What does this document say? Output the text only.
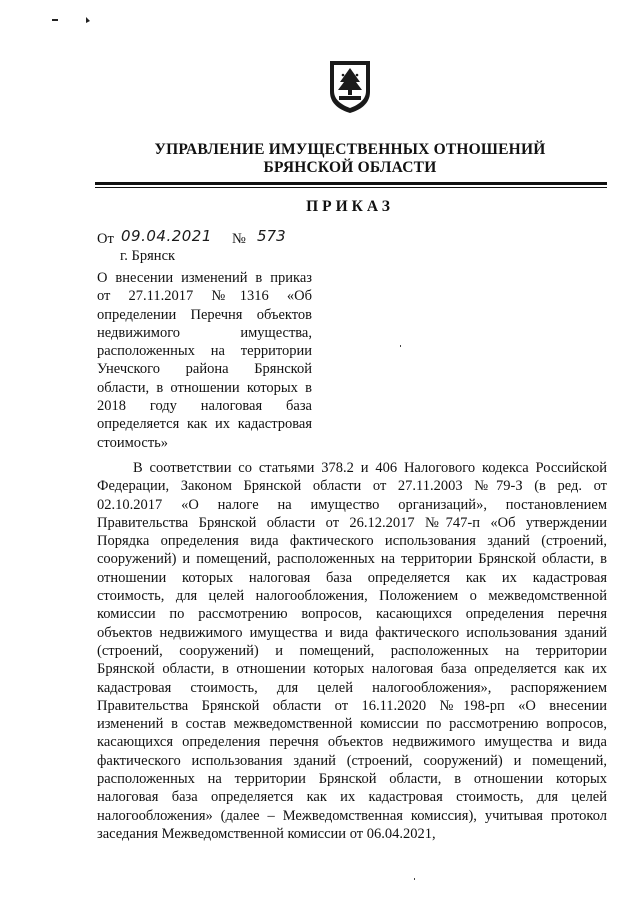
УПРАВЛЕНИЕ ИМУЩЕСТВЕННЫХ ОТНОШЕНИЙ
БРЯНСКОЙ ОБЛАСТИ
ПРИКАЗ
От 09.04.2021 № 573
г. Брянск
О внесении изменений в приказ
от 27.11.2017 №1316 «Об
определении Перечня объектов
недвижимого имущества,
расположенных на территории
Унечского района Брянской
области, в отношении которых в
2018 году налоговая база
определяется как их кадастровая
стоимость»
В соответствии со статьями 378.2 и 406 Налогового кодекса Российской
Федерации, Законом Брянской области от 27.11.2003 №79-З (в ред. от
02.10.2017 «О налоге на имущество организаций», постановлением
Правительства Брянской области от 26.12.2017 №747-п «Об утверждении
Порядка определения вида фактического использования зданий (строений,
сооружений) и помещений, расположенных на территории Брянской области, в
отношении которых налоговая база определяется как их кадастровая
стоимость, для целей налогообложения, Положением о межведомственной
комиссии по рассмотрению вопросов, касающихся определения перечня
объектов недвижимого имущества и вида фактического использования зданий
(строений, сооружений) и помещений, расположенных на территории
Брянской области, в отношении которых налоговая база определяется как их
кадастровая стоимость, для целей налогообложения», распоряжением
Правительства Брянской области от 16.11.2020 №198-рп «О внесении
изменений в состав межведомственной комиссии по рассмотрению вопросов,
касающихся определения перечня объектов недвижимого имущества и вида
фактического использования зданий (строений, сооружений) и помещений,
расположенных на территории Брянской области, в отношении которых
налоговая база определяется как их кадастровая стоимость, для целей
налогообложения» (далее – Межведомственная комиссия), учитывая протокол
заседания Межведомственной комиссии от 06.04.2021,
